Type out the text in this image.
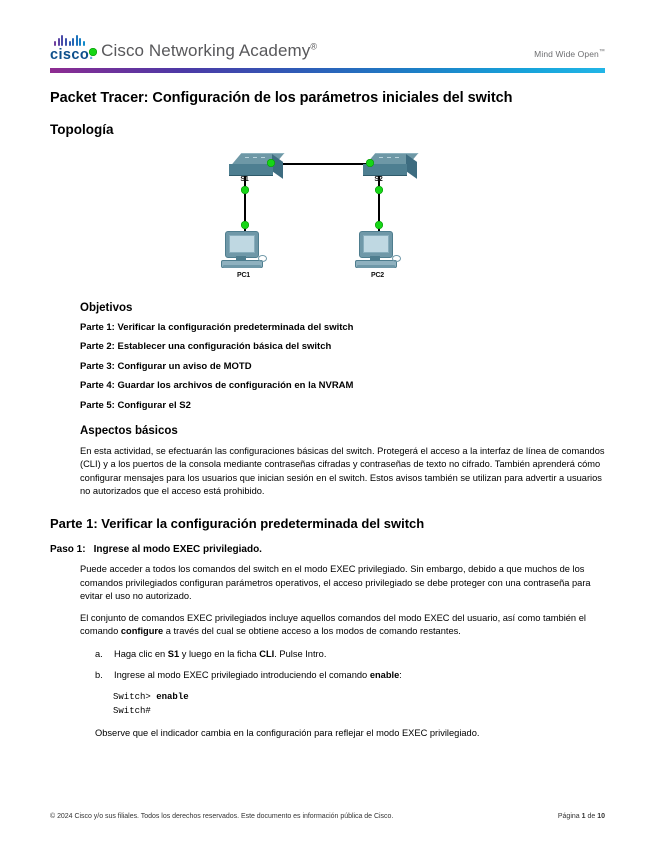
cisco . Cisco Networking Academy®
Mind Wide Open™
Packet Tracer: Configuración de los parámetros iniciales del switch
Topología
S1	S2
PC1	PC2
Objetivos
Parte 1: Verificar la configuración predeterminada del switch
Parte 2: Establecer una configuración básica del switch
Parte 3: Configurar un aviso de MOTD
Parte 4: Guardar los archivos de configuración en la NVRAM
Parte 5: Configurar el S2
Aspectos básicos

En esta actividad, se efectuarán las configuraciones básicas del switch. Protegerá el acceso a la interfaz de línea de comandos (CLI) y a los puertos de la consola mediante contraseñas cifradas y contraseñas de texto no cifrado. También aprenderá cómo configurar mensajes para los usuarios que inician sesión en el switch. Estos avisos también se utilizan para advertir a usuarios no autorizados que el acceso está prohibido.

Parte 1: Verificar la configuración predeterminada del switch
Paso 1: Ingrese al modo EXEC privilegiado.

Puede acceder a todos los comandos del switch en el modo EXEC privilegiado. Sin embargo, debido a que muchos de los comandos privilegiados configuran parámetros operativos, el acceso privilegiado se debe proteger con una contraseña para evitar el uso no autorizado.

El conjunto de comandos EXEC privilegiados incluye aquellos comandos del modo EXEC del usuario, así como también el comando configure a través del cual se obtiene acceso a los modos de comando restantes.

Haga clic en S1 y luego en la ficha CLI. Pulse Intro.
Ingrese al modo EXEC privilegiado introduciendo el comando enable:
Switch> enable
Switch#

Observe que el indicador cambia en la configuración para reflejar el modo EXEC privilegiado.

© 2024 Cisco y/o sus filiales. Todos los derechos reservados. Este documento es información pública de Cisco.	Página 1 de 10
